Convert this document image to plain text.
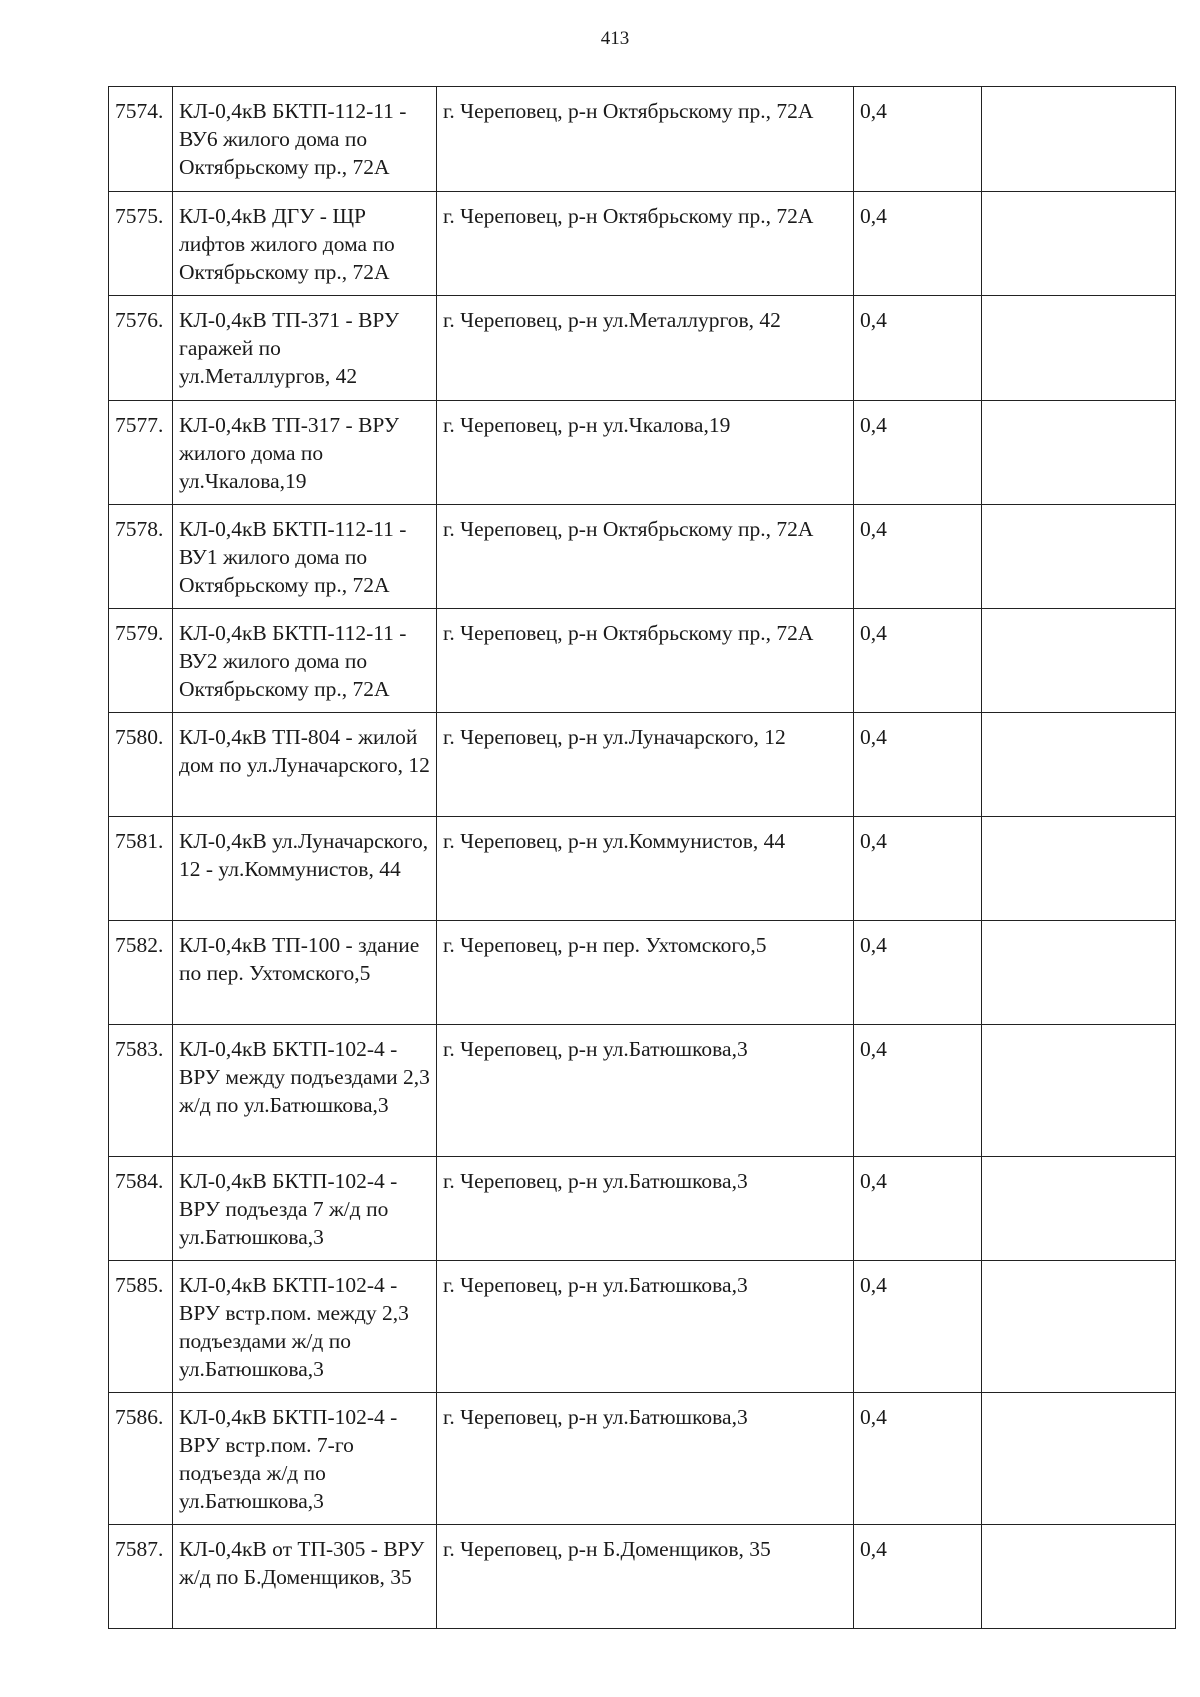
413
7574.	КЛ-0,4кВ БКТП-112-11 - ВУ6 жилого дома по Октябрьскому пр., 72А	г. Череповец, р-н Октябрьскому пр., 72А	0,4	
7575.	КЛ-0,4кВ ДГУ - ЩР лифтов жилого дома по Октябрьскому пр., 72А	г. Череповец, р-н Октябрьскому пр., 72А	0,4	
7576.	КЛ-0,4кВ ТП-371 - ВРУ гаражей по ул.Металлургов, 42	г. Череповец, р-н ул.Металлургов, 42	0,4	
7577.	КЛ-0,4кВ ТП-317 - ВРУ жилого дома по ул.Чкалова,19	г. Череповец, р-н ул.Чкалова,19	0,4	
7578.	КЛ-0,4кВ БКТП-112-11 - ВУ1 жилого дома по Октябрьскому пр., 72А	г. Череповец, р-н Октябрьскому пр., 72А	0,4	
7579.	КЛ-0,4кВ БКТП-112-11 - ВУ2 жилого дома по Октябрьскому пр., 72А	г. Череповец, р-н Октябрьскому пр., 72А	0,4	
7580.	КЛ-0,4кВ ТП-804 - жилой дом по ул.Луначарского, 12	г. Череповец, р-н ул.Луначарского, 12	0,4	
7581.	КЛ-0,4кВ ул.Луначарского, 12 - ул.Коммунистов, 44	г. Череповец, р-н ул.Коммунистов, 44	0,4	
7582.	КЛ-0,4кВ ТП-100 - здание по пер. Ухтомского,5	г. Череповец, р-н пер. Ухтомского,5	0,4	
7583.	КЛ-0,4кВ БКТП-102-4 - ВРУ между подъездами 2,3 ж/д по ул.Батюшкова,3	г. Череповец, р-н ул.Батюшкова,3	0,4	
7584.	КЛ-0,4кВ БКТП-102-4 - ВРУ подъезда 7 ж/д по ул.Батюшкова,3	г. Череповец, р-н ул.Батюшкова,3	0,4	
7585.	КЛ-0,4кВ БКТП-102-4 - ВРУ встр.пом. между 2,3 подъездами ж/д по ул.Батюшкова,3	г. Череповец, р-н ул.Батюшкова,3	0,4	
7586.	КЛ-0,4кВ БКТП-102-4 - ВРУ встр.пом. 7-го подъезда ж/д по ул.Батюшкова,3	г. Череповец, р-н ул.Батюшкова,3	0,4	
7587.	КЛ-0,4кВ от ТП-305 - ВРУ ж/д по Б.Доменщиков, 35	г. Череповец, р-н Б.Доменщиков, 35	0,4	
